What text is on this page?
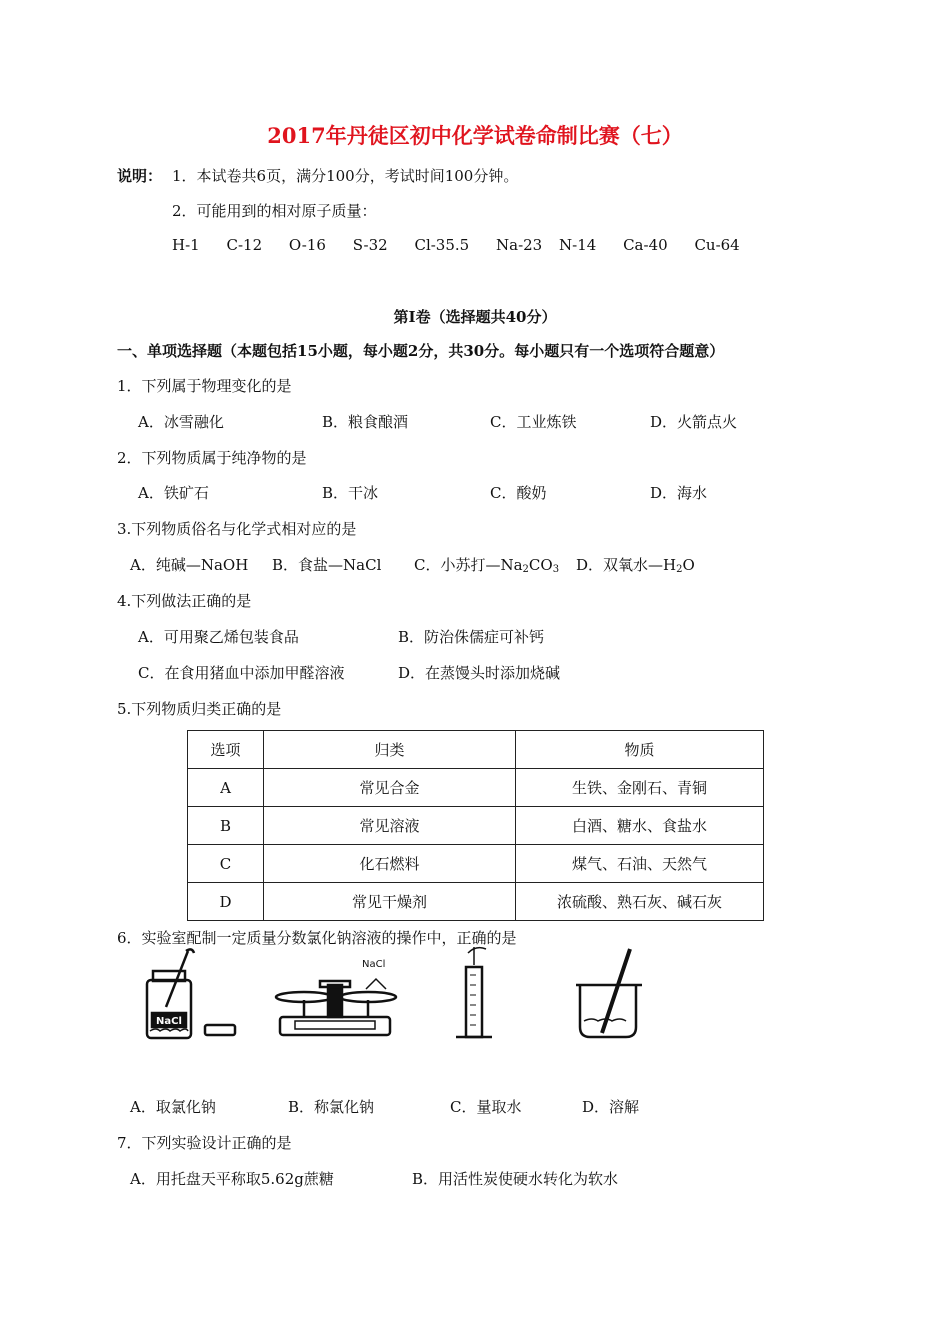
2017年丹徒区初中化学试卷命制比赛（七）
说明： 1．本试卷共6页，满分100分，考试时间100分钟。
2．可能用到的相对原子质量：
H-1 C-12 O-16 S-32 Cl-35.5 Na-23 N-14 Ca-40 Cu-64
第Ⅰ卷（选择题共40分）
一、单项选择题（本题包括15小题，每小题2分，共30分。每小题只有一个选项符合题意）
1．下列属于物理变化的是
A．冰雪融化	B．粮食酿酒	C．工业炼铁	D．火箭点火
2．下列物质属于纯净物的是
A．铁矿石	B．干冰	C．酸奶	D．海水
3.下列物质俗名与化学式相对应的是
A．纯碱—NaOH B．食盐—NaCl C．小苏打$—Na_2CO_3$ D．双氧水$—H_2O$
4.下列做法正确的是
A．可用聚乙烯包装食品	B．防治侏儒症可补钙
C．在食用猪血中添加甲醛溶液	D．在蒸馒头时添加烧碱
5.下列物质归类正确的是
选项	归类	物质
A	常见合金	生铁、金刚石、青铜
B	常见溶液	白酒、糖水、食盐水
C	化石燃料	煤气、石油、天然气
D	常见干燥剂	浓硫酸、熟石灰、碱石灰
6．实验室配制一定质量分数氯化钠溶液的操作中，正确的是
NaCl
NaCl
A．取氯化钠	B．称氯化钠	C．量取水	D．溶解
7．下列实验设计正确的是
A．用托盘天平称取5.62g蔗糖	B．用活性炭使硬水转化为软水
